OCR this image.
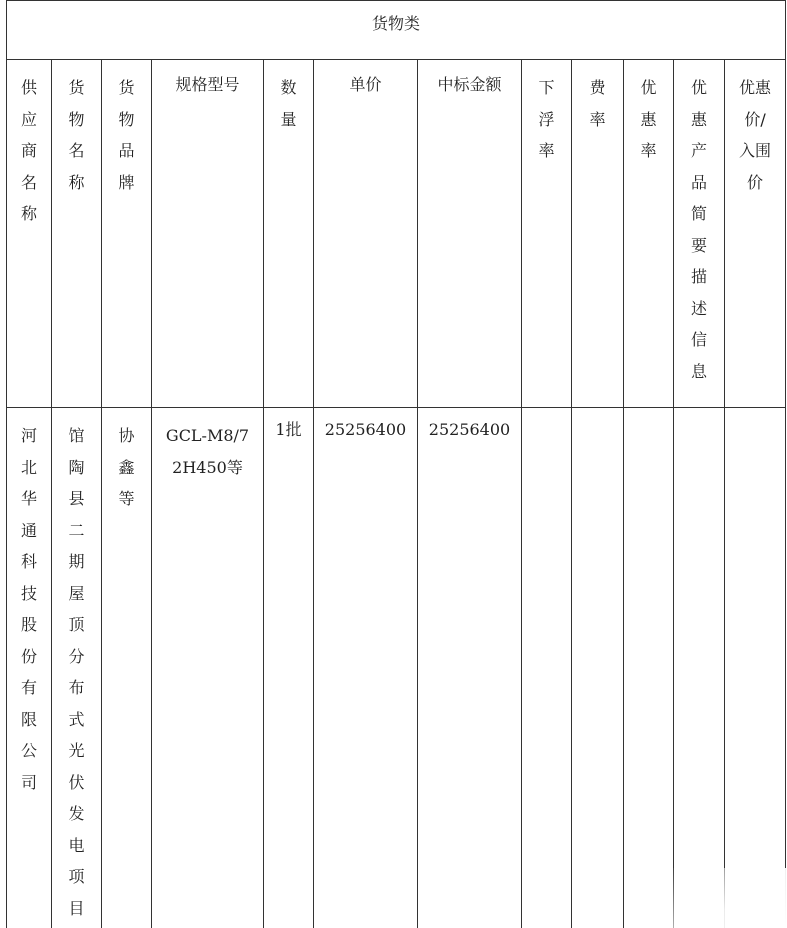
货物类											
供应商名称	货物名称	货物品牌	规格型号	数量	单价	中标金额	下浮率	费率	优惠率	优惠产品简要描述信息	优惠价/入围价
河北华通科技股份有限公司	馆陶县二期屋顶分布式光伏发电项目	协鑫等	GCL-M8/72H450等	1批	25256400	25256400					
